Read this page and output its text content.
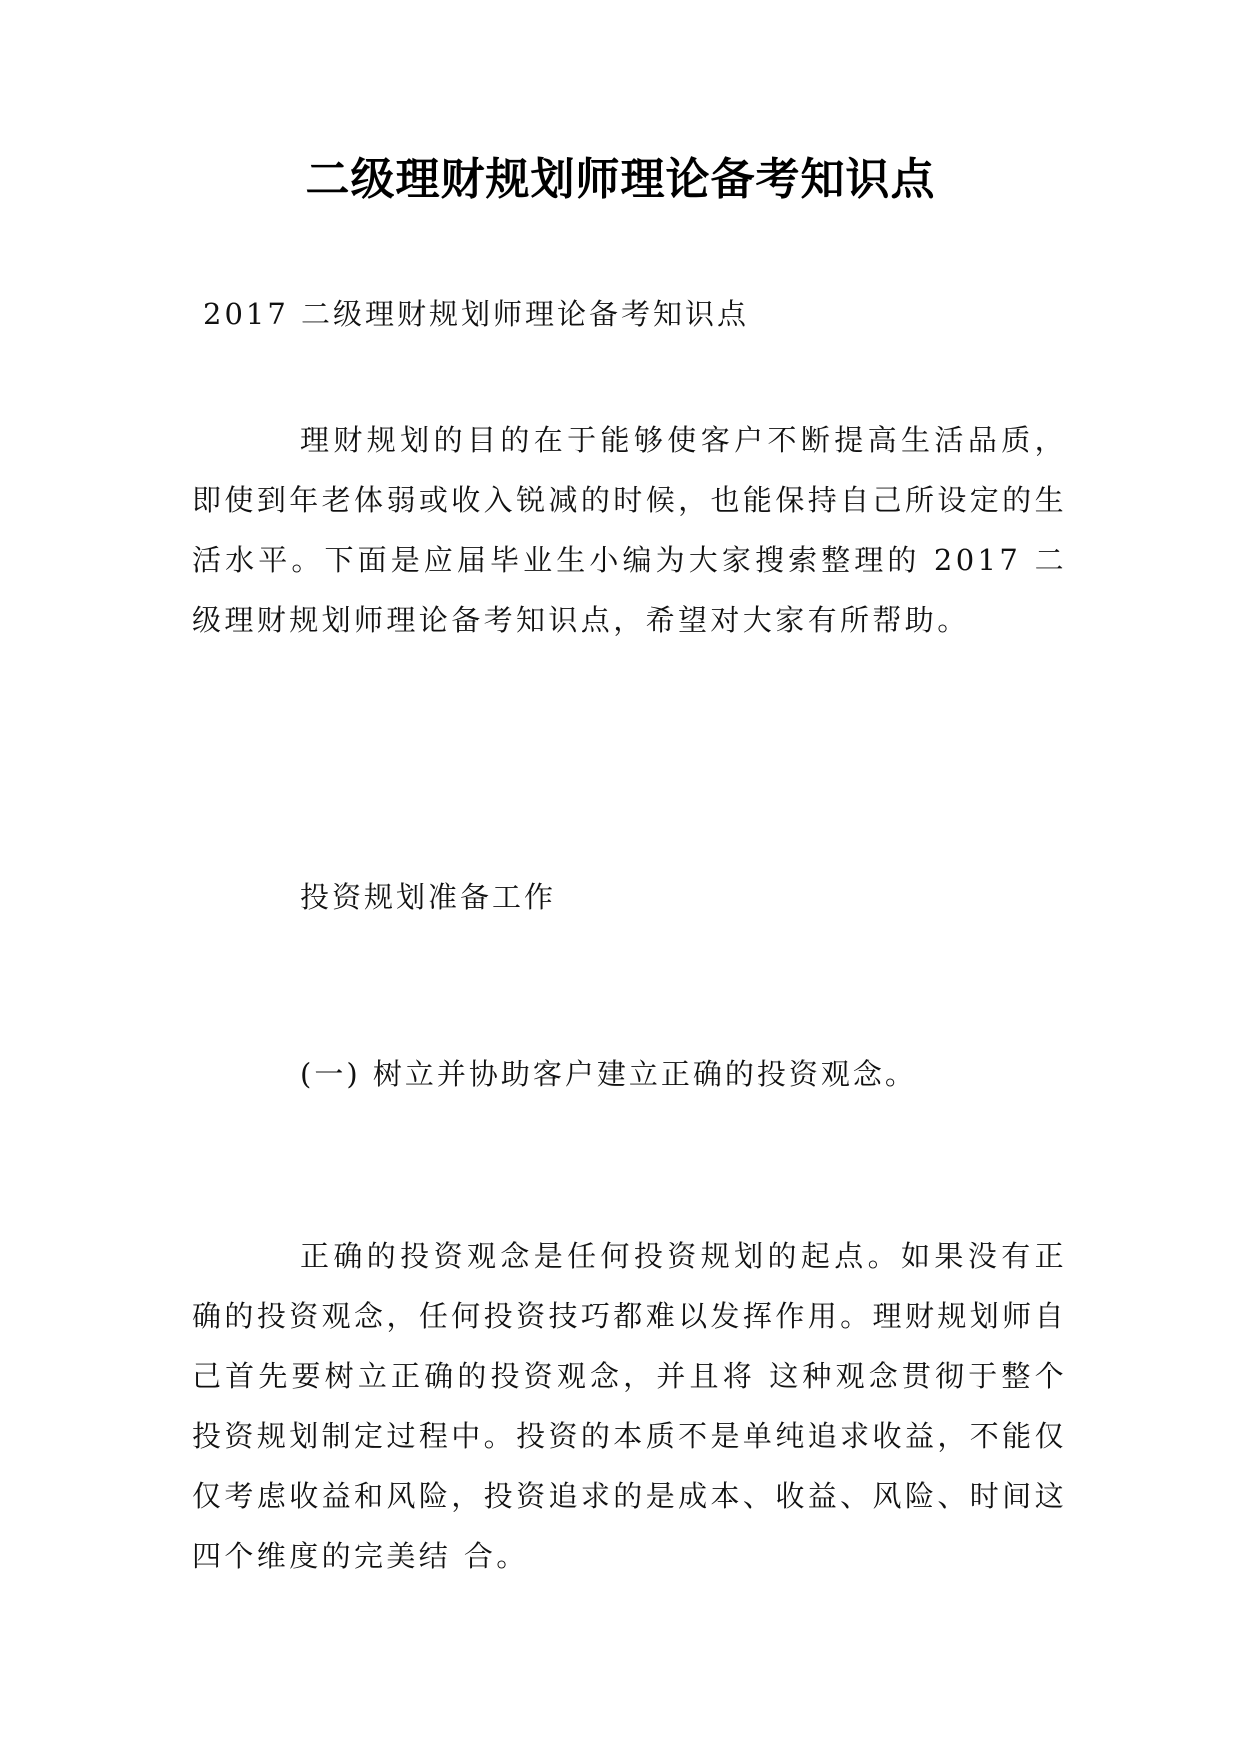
二级理财规划师理论备考知识点

2017 二级理财规划师理论备考知识点

理财规划的目的在于能够使客户不断提高生活品质，即使到年老体弱或收入锐减的时候，也能保持自己所设定的生活水平。下面是应届毕业生小编为大家搜索整理的 2017 二级理财规划师理论备考知识点，希望对大家有所帮助。

投资规划准备工作

(一) 树立并协助客户建立正确的投资观念。

正确的投资观念是任何投资规划的起点。如果没有正确的投资观念，任何投资技巧都难以发挥作用。理财规划师自己首先要树立正确的投资观念，并且将 这种观念贯彻于整个投资规划制定过程中。投资的本质不是单纯追求收益，不能仅仅考虑收益和风险，投资追求的是成本、收益、风险、时间这四个维度的完美结 合。
